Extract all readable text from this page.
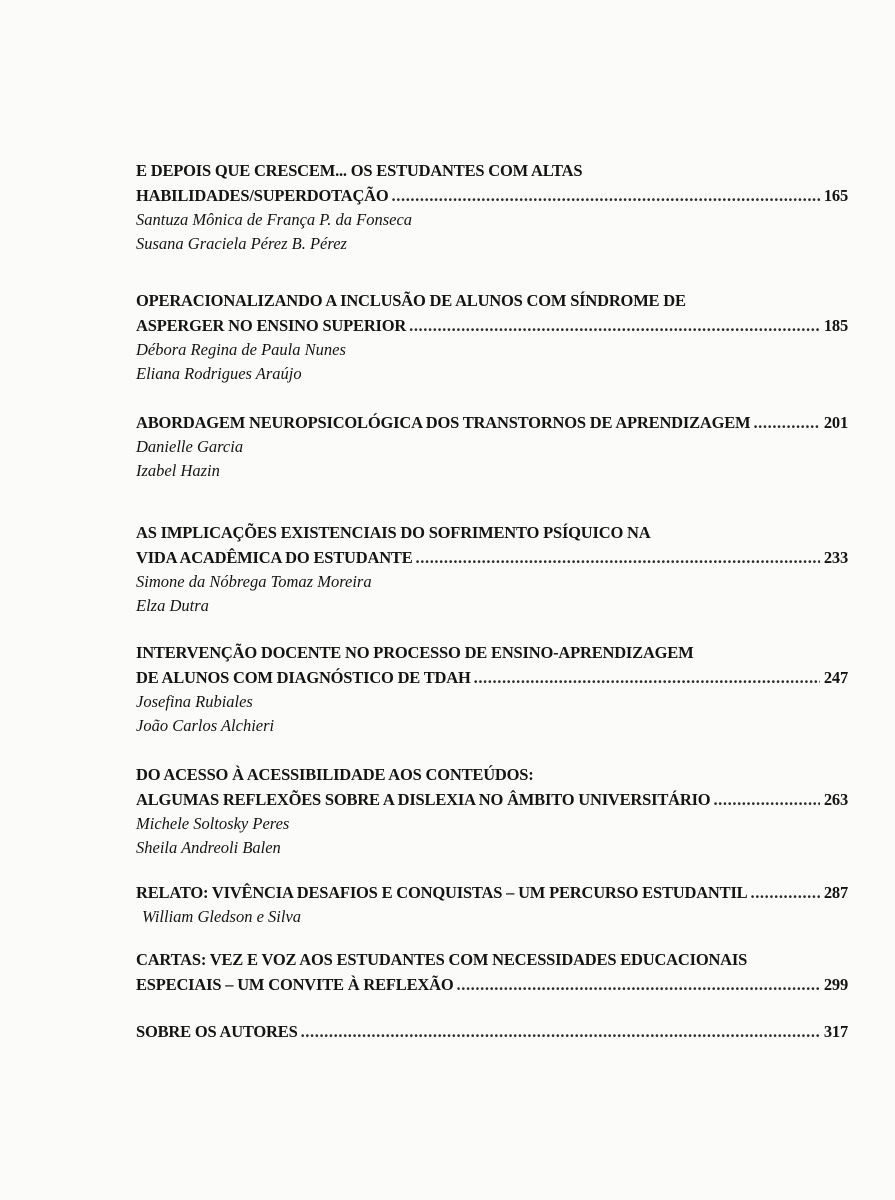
E DEPOIS QUE CRESCEM... OS ESTUDANTES COM ALTAS
HABILIDADES/SUPERDOTAÇÃO .....	165
Santuza Mônica de França P. da Fonseca
Susana Graciela Pérez B. Pérez
OPERACIONALIZANDO A INCLUSÃO DE ALUNOS COM SÍNDROME DE
ASPERGER NO ENSINO SUPERIOR .....	185
Débora Regina de Paula Nunes
Eliana Rodrigues Araújo
ABORDAGEM NEUROPSICOLÓGICA DOS TRANSTORNOS DE APRENDIZAGEM .....	201
Danielle Garcia
Izabel Hazin
AS IMPLICAÇÕES EXISTENCIAIS DO SOFRIMENTO PSÍQUICO NA
VIDA ACADÊMICA DO ESTUDANTE .....	233
Simone da Nóbrega Tomaz Moreira
Elza Dutra
INTERVENÇÃO DOCENTE NO PROCESSO DE ENSINO-APRENDIZAGEM
DE ALUNOS COM DIAGNÓSTICO DE TDAH .....	247
Josefina Rubiales
João Carlos Alchieri
DO ACESSO À ACESSIBILIDADE AOS CONTEÚDOS:
ALGUMAS REFLEXÕES SOBRE A DISLEXIA NO ÂMBITO UNIVERSITÁRIO .....	263
Michele Soltosky Peres
Sheila Andreoli Balen
RELATO: VIVÊNCIA DESAFIOS E CONQUISTAS – UM PERCURSO ESTUDANTIL .....	287
William Gledson e Silva
CARTAS: VEZ E VOZ AOS ESTUDANTES COM NECESSIDADES EDUCACIONAIS
ESPECIAIS – UM CONVITE À REFLEXÃO .....	299
SOBRE OS AUTORES .....	317
